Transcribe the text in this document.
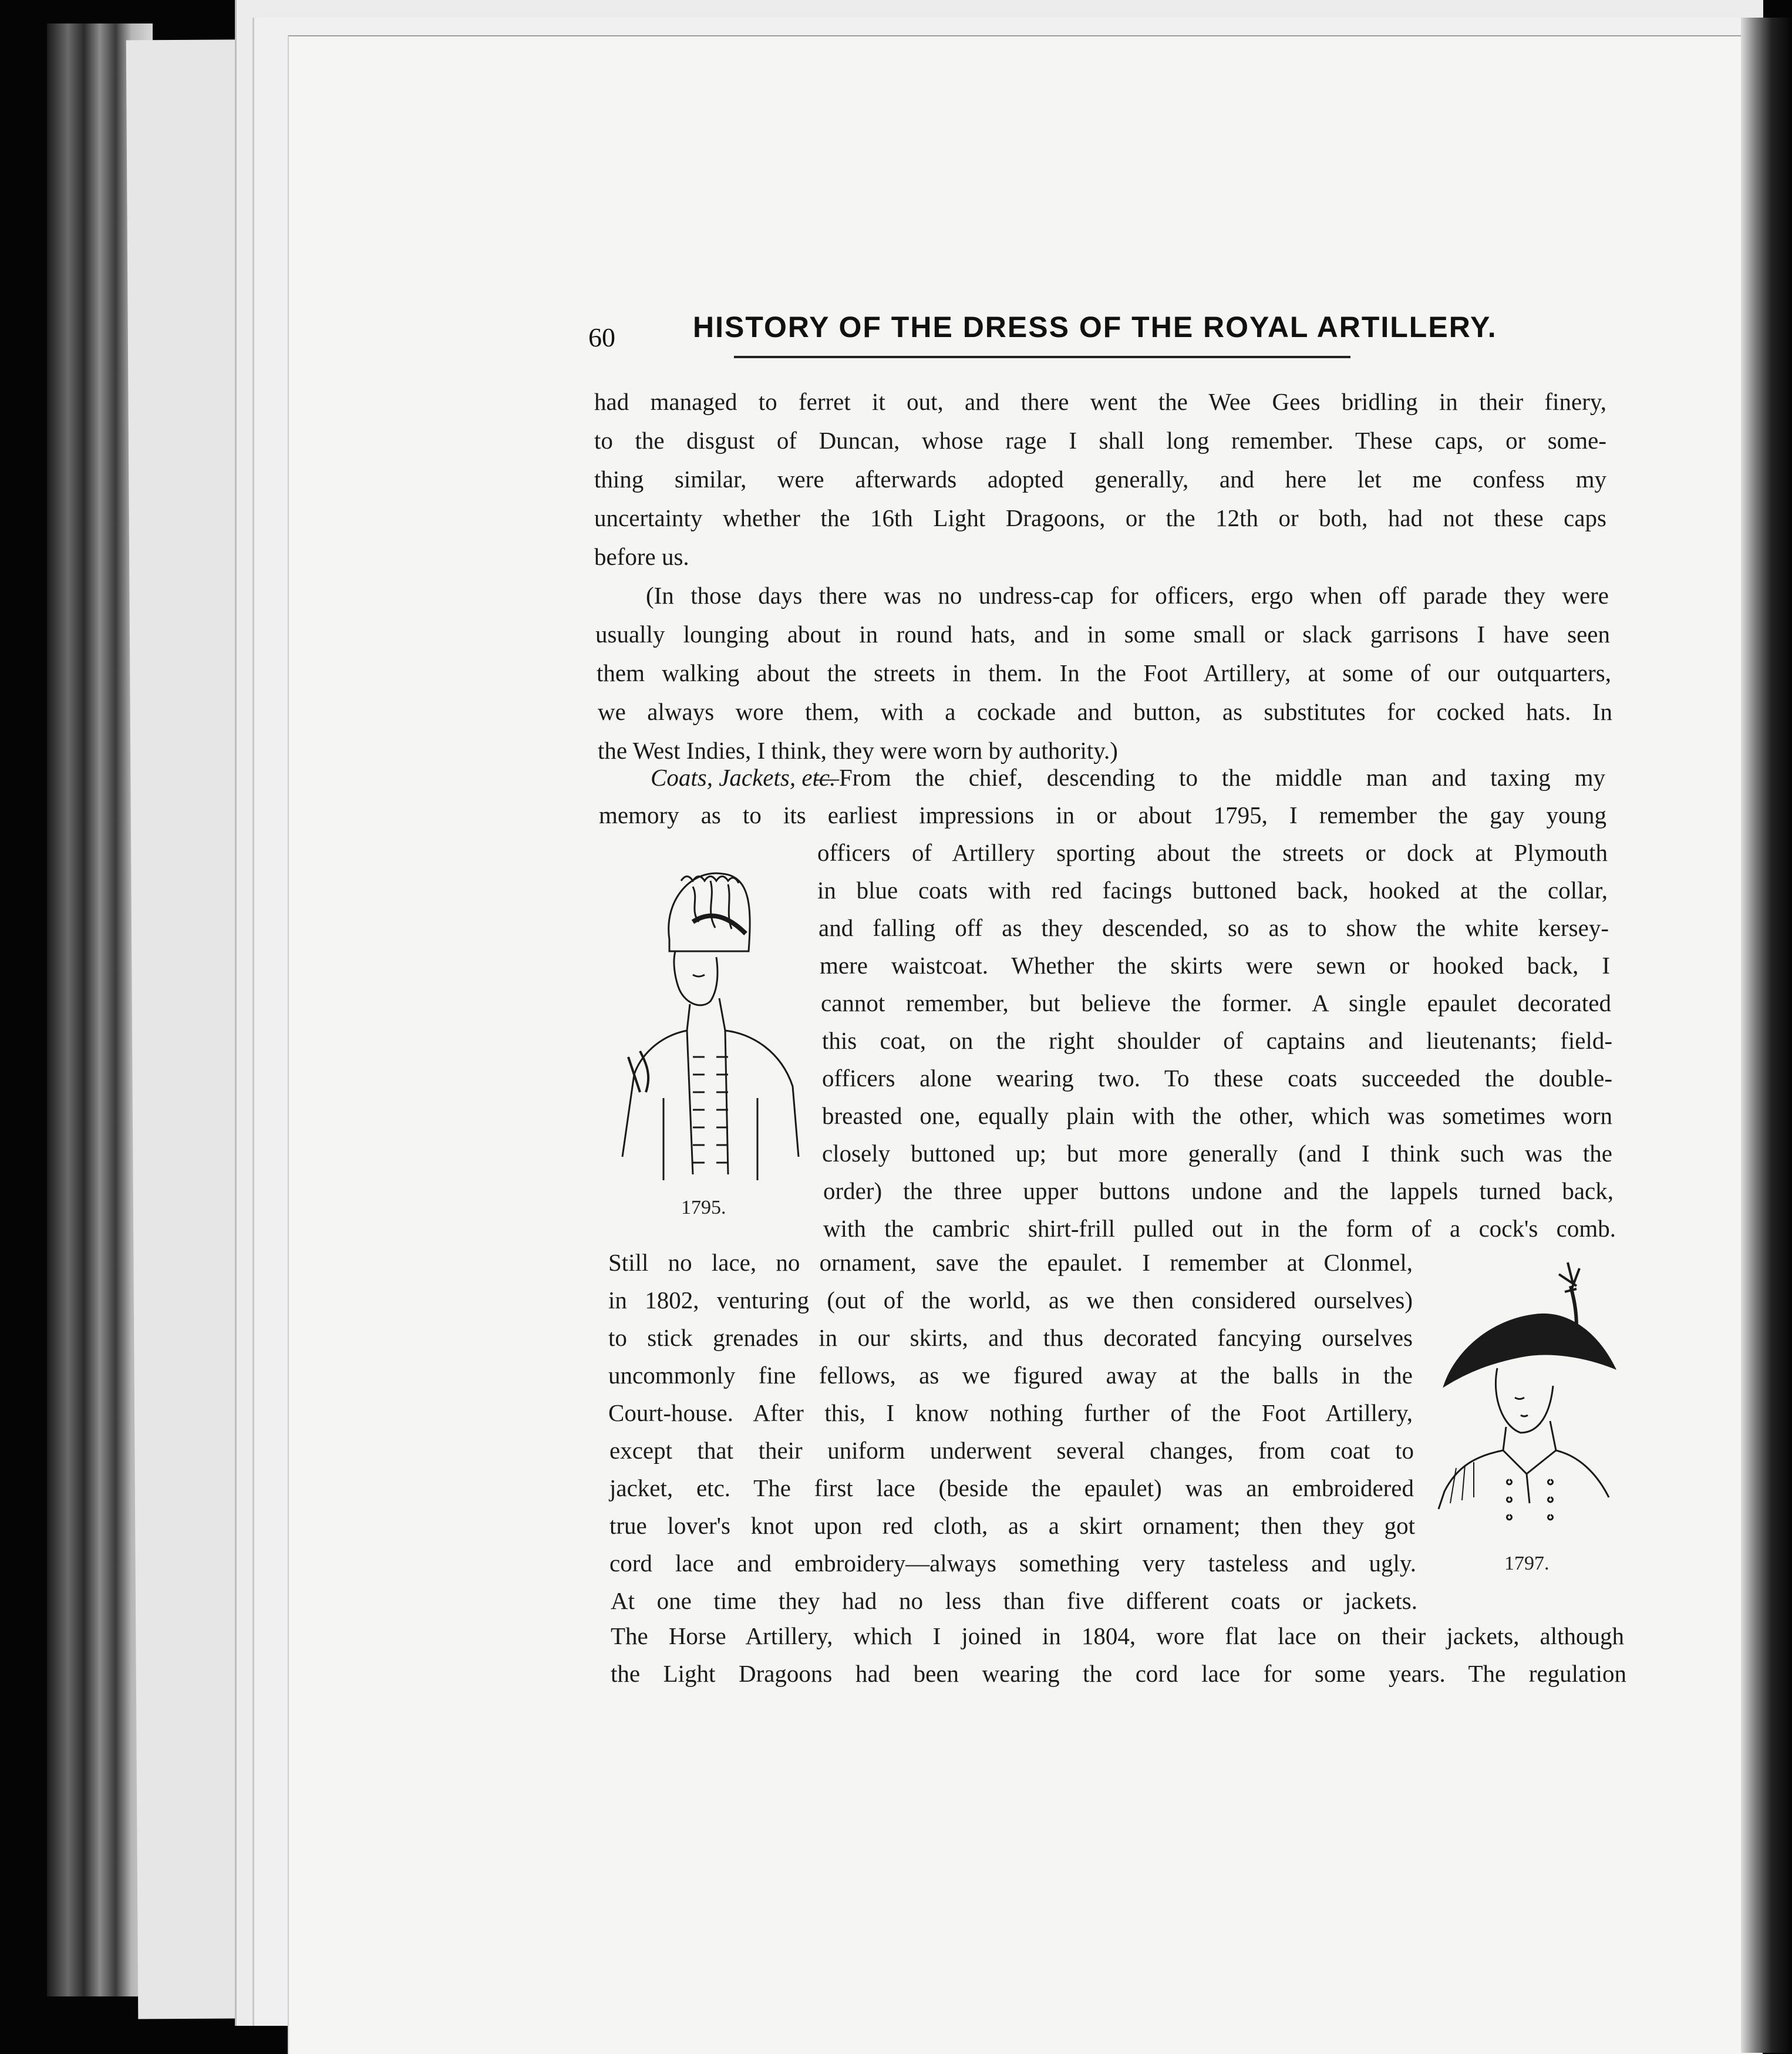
60	HISTORY OF THE DRESS OF THE ROYAL ARTILLERY.
had managed to ferret it out, and there went the Wee Gees bridling in their finery,
to the disgust of Duncan, whose rage I shall long remember. These caps, or some-
thing similar, were afterwards adopted generally, and here let me confess my
uncertainty whether the 16th Light Dragoons, or the 12th or both, had not these caps
before us.
(In those days there was no undress-cap for officers, ergo when off parade they were
usually lounging about in round hats, and in some small or slack garrisons I have seen
them walking about the streets in them. In the Foot Artillery, at some of our outquarters,
we always wore them, with a cockade and button, as substitutes for cocked hats. In
the West Indies, I think, they were worn by authority.)
Coats, Jackets, etc.
—From the chief, descending to the middle man and taxing my
memory as to its earliest impressions in or about 1795, I remember the gay young
officers of Artillery sporting about the streets or dock at Plymouth
in blue coats with red facings buttoned back, hooked at the collar,
and falling off as they descended, so as to show the white kersey-
mere waistcoat. Whether the skirts were sewn or hooked back, I
cannot remember, but believe the former. A single epaulet decorated
this coat, on the right shoulder of captains and lieutenants; field-
officers alone wearing two. To these coats succeeded the double-
breasted one, equally plain with the other, which was sometimes worn
closely buttoned up; but more generally (and I think such was the
order) the three upper buttons undone and the lappels turned back,
with the cambric shirt-frill pulled out in the form of a cock's comb.
1795.
Still no lace, no ornament, save the epaulet. I remember at Clonmel,
in 1802, venturing (out of the world, as we then considered ourselves)
to stick grenades in our skirts, and thus decorated fancying ourselves
uncommonly fine fellows, as we figured away at the balls in the
Court-house. After this, I know nothing further of the Foot Artillery,
except that their uniform underwent several changes, from coat to
jacket, etc. The first lace (beside the epaulet) was an embroidered
true lover's knot upon red cloth, as a skirt ornament; then they got
cord lace and embroidery—always something very tasteless and ugly.
At one time they had no less than five different coats or jackets.
The Horse Artillery, which I joined in 1804, wore flat lace on their jackets, although
the Light Dragoons had been wearing the cord lace for some years. The regulation
1797.
